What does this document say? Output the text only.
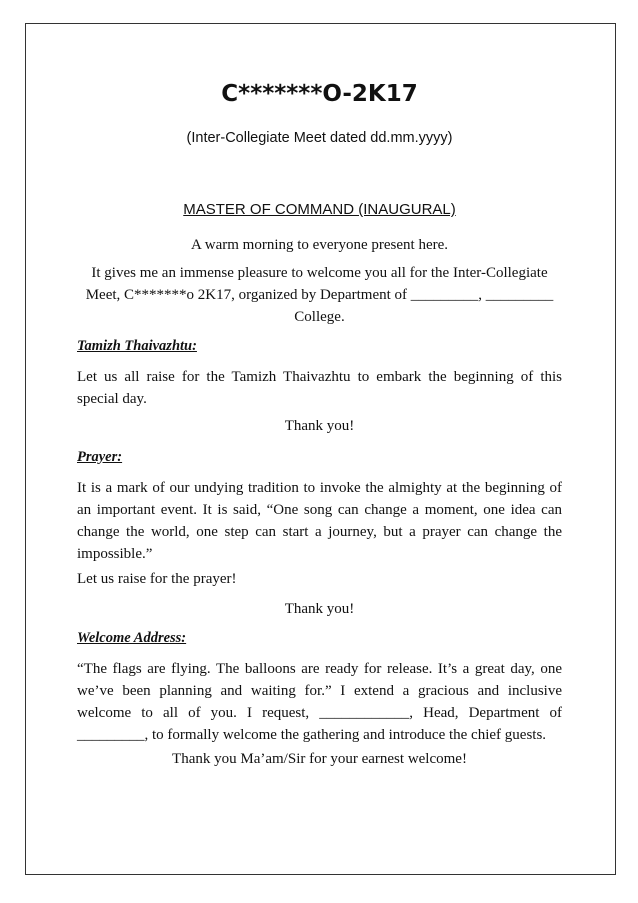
C*******O-2K17
(Inter-Collegiate Meet dated dd.mm.yyyy)
MASTER OF COMMAND (INAUGURAL)
A warm morning to everyone present here.
It gives me an immense pleasure to welcome you all for the Inter-Collegiate Meet, C*******o 2K17, organized by Department of _________, _________ College.
Tamizh Thaivazhtu:
Let us all raise for the Tamizh Thaivazhtu to embark the beginning of this special day.
Thank you!
Prayer:
It is a mark of our undying tradition to invoke the almighty at the beginning of an important event. It is said, “One song can change a moment, one idea can change the world, one step can start a journey, but a prayer can change the impossible.”
Let us raise for the prayer!
Thank you!
Welcome Address:
“The flags are flying. The balloons are ready for release. It’s a great day, one we’ve been planning and waiting for.” I extend a gracious and inclusive welcome to all of you. I request, ____________, Head, Department of _________, to formally welcome the gathering and introduce the chief guests.
Thank you Ma’am/Sir for your earnest welcome!
